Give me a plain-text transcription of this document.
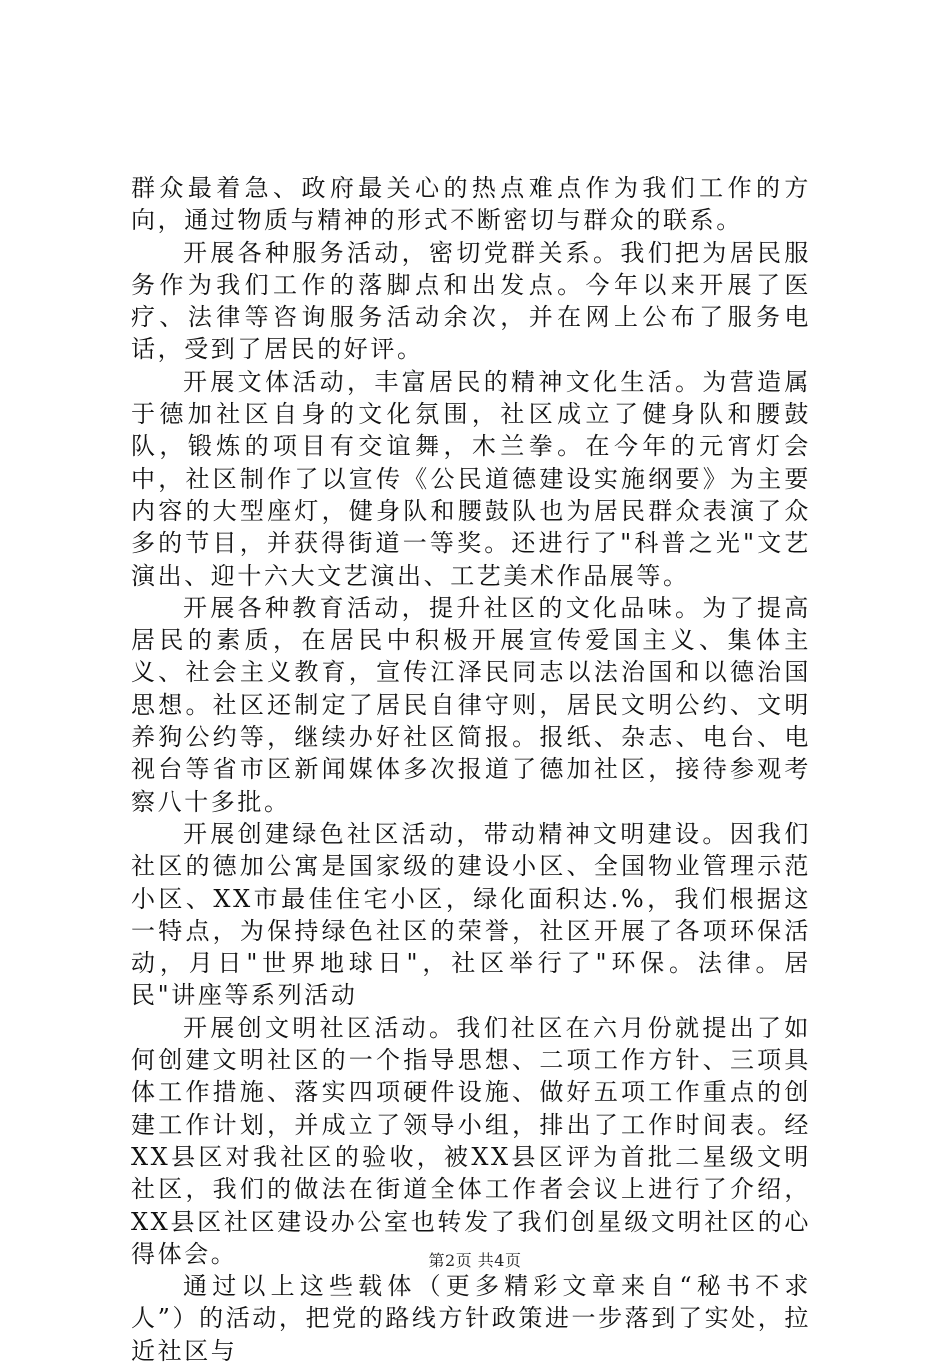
群众最着急、政府最关心的热点难点作为我们工作的方向，通过物质与精神的形式不断密切与群众的联系。

开展各种服务活动，密切党群关系。我们把为居民服务作为我们工作的落脚点和出发点。今年以来开展了医疗、法律等咨询服务活动余次，并在网上公布了服务电话，受到了居民的好评。

开展文体活动，丰富居民的精神文化生活。为营造属于德加社区自身的文化氛围，社区成立了健身队和腰鼓队，锻炼的项目有交谊舞，木兰拳。在今年的元宵灯会中，社区制作了以宣传《公民道德建设实施纲要》为主要内容的大型座灯，健身队和腰鼓队也为居民群众表演了众多的节目，并获得街道一等奖。还进行了"科普之光"文艺演出、迎十六大文艺演出、工艺美术作品展等。

开展各种教育活动，提升社区的文化品味。为了提高居民的素质，在居民中积极开展宣传爱国主义、集体主义、社会主义教育，宣传江泽民同志以法治国和以德治国思想。社区还制定了居民自律守则，居民文明公约、文明养狗公约等，继续办好社区简报。报纸、杂志、电台、电视台等省市区新闻媒体多次报道了德加社区，接待参观考察八十多批。

开展创建绿色社区活动，带动精神文明建设。因我们社区的德加公寓是国家级的建设小区、全国物业管理示范小区、XX市最佳住宅小区，绿化面积达.%，我们根据这一特点，为保持绿色社区的荣誉，社区开展了各项环保活动，月日"世界地球日"，社区举行了"环保。法律。居民"讲座等系列活动

开展创文明社区活动。我们社区在六月份就提出了如何创建文明社区的一个指导思想、二项工作方针、三项具体工作措施、落实四项硬件设施、做好五项工作重点的创建工作计划，并成立了领导小组，排出了工作时间表。经XX县区对我社区的验收，被XX县区评为首批二星级文明社区，我们的做法在街道全体工作者会议上进行了介绍，XX县区社区建设办公室也转发了我们创星级文明社区的心得体会。

通过以上这些载体（更多精彩文章来自“秘书不求人”）的活动，把党的路线方针政策进一步落到了实处，拉近社区与

第2页 共4页
